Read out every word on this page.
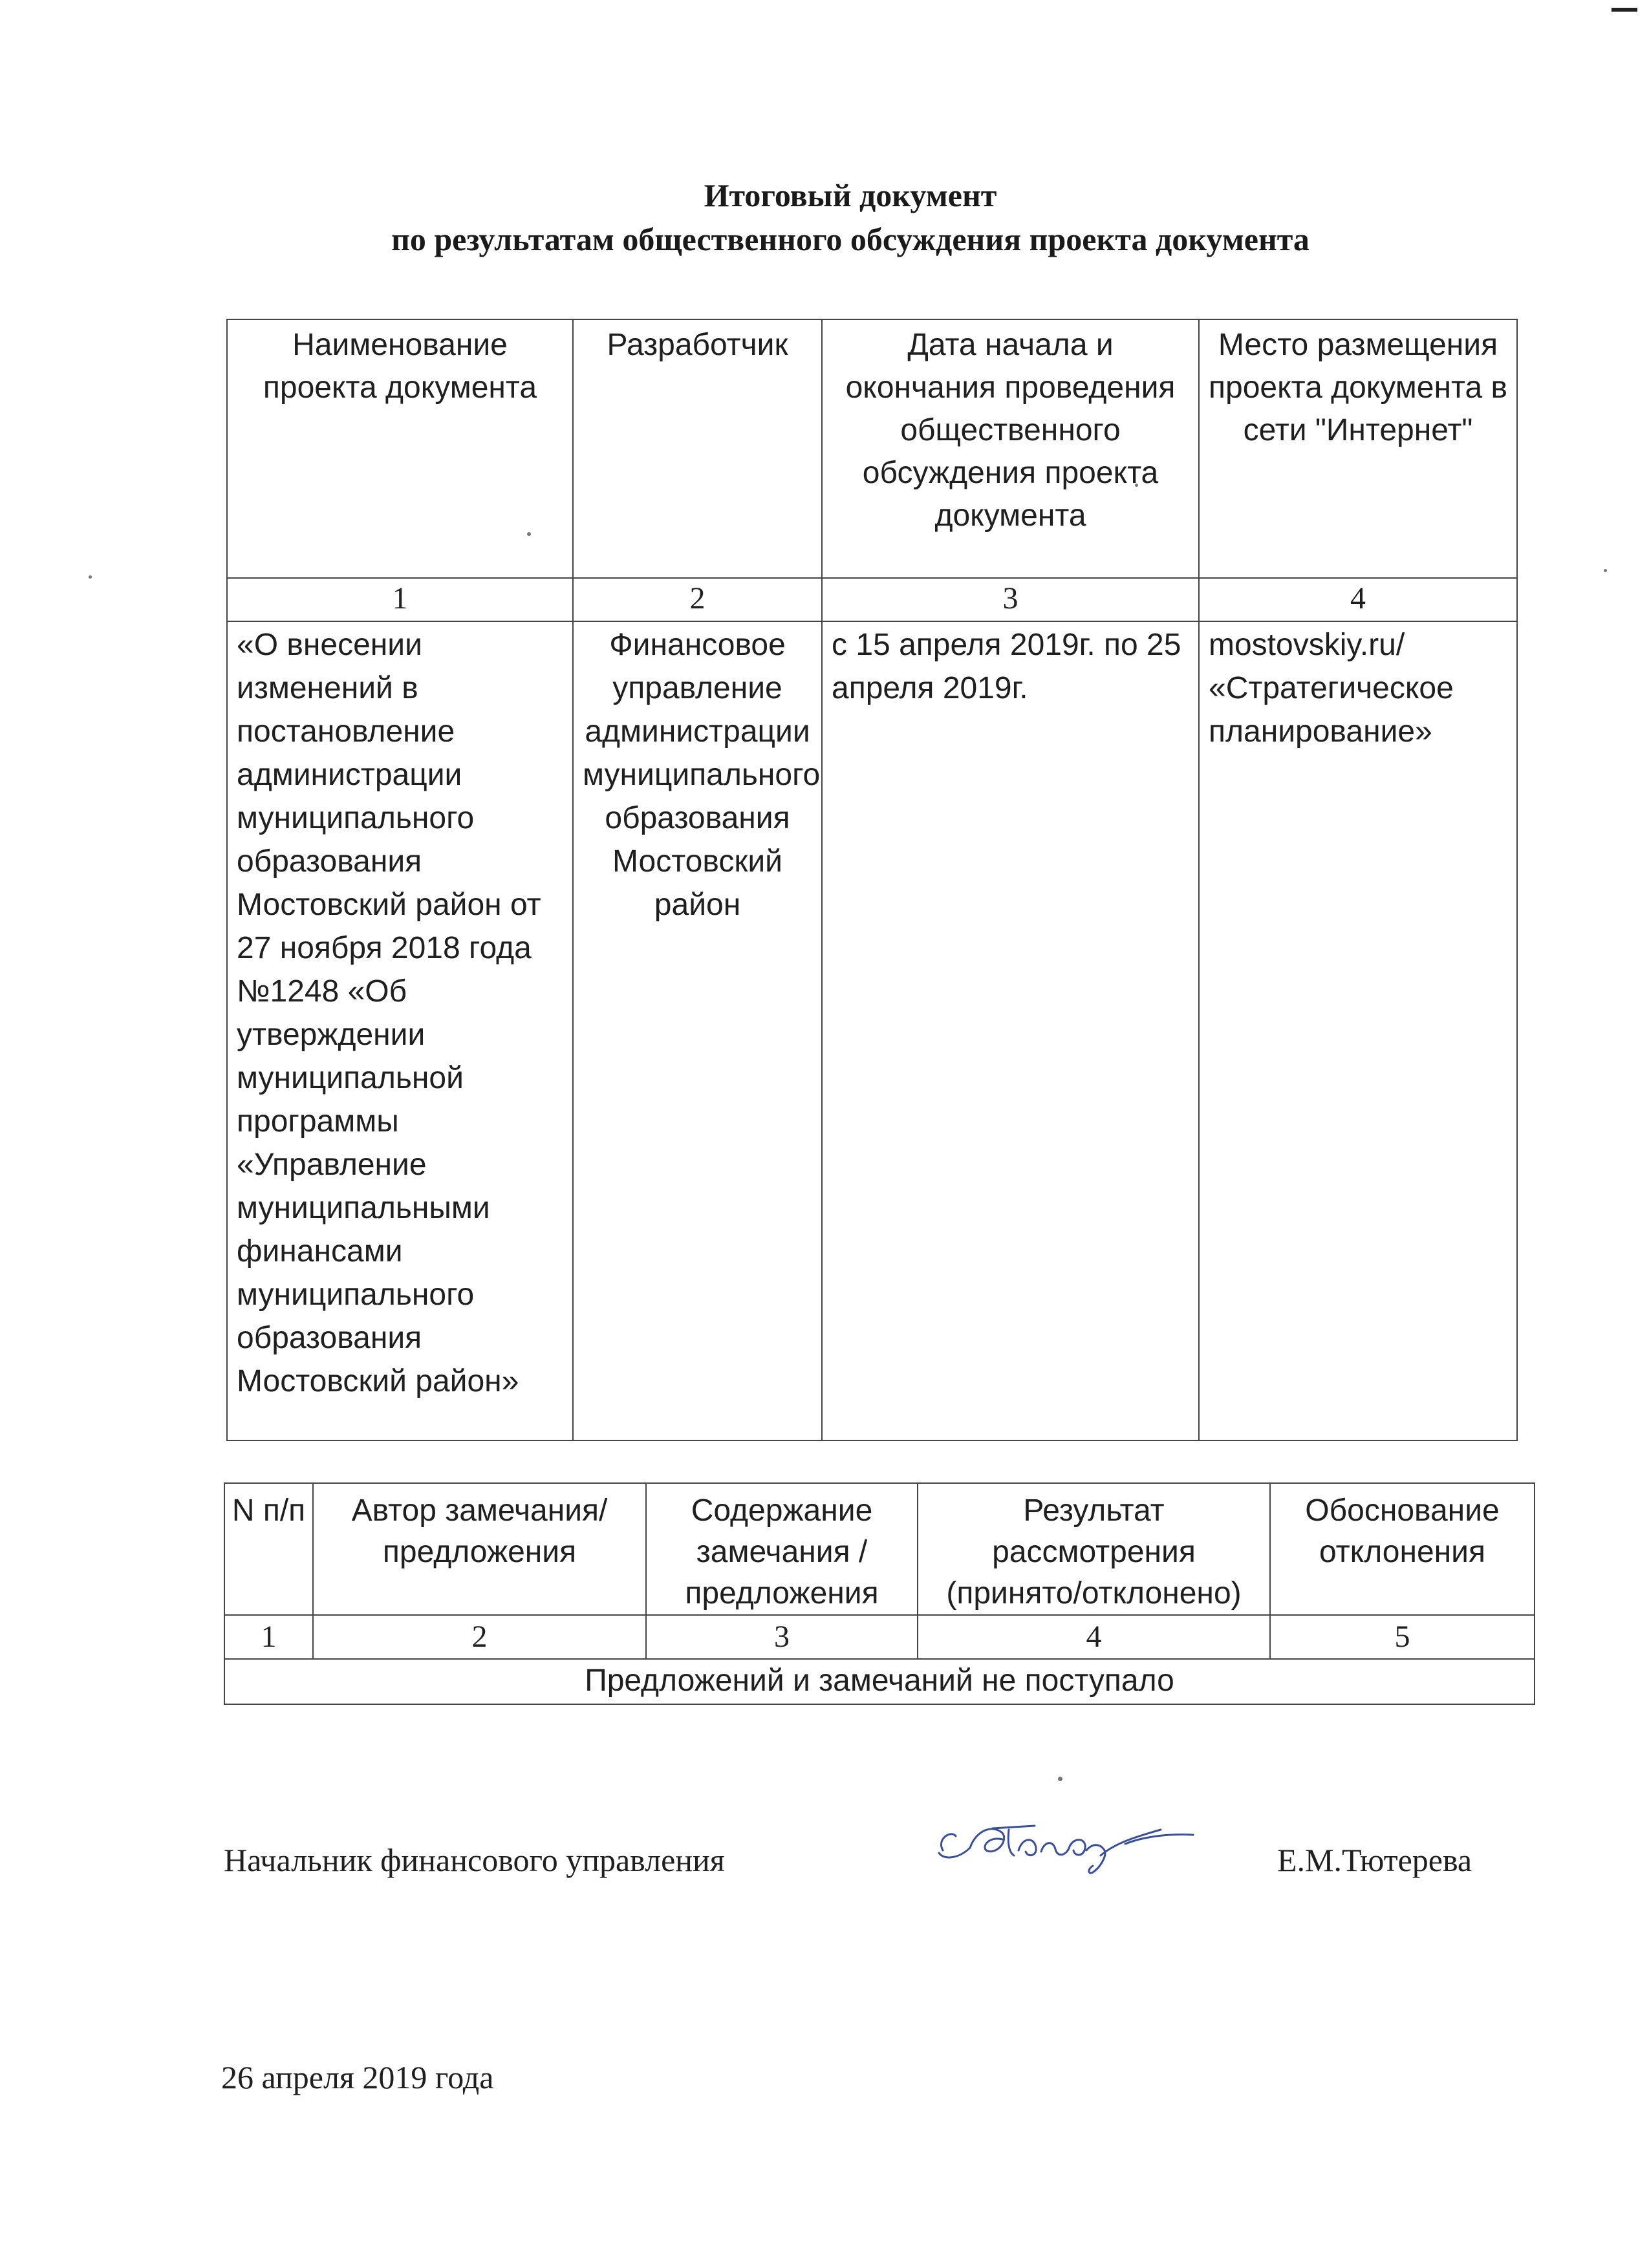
Итоговый документ
по результатам общественного обсуждения проекта документа
Наименование проекта документа	Разработчик	Дата начала и окончания проведения общественного обсуждения проекта документа	Место размещения проекта документа в сети "Интернет"

1	2	3	4

«О внесении изменений в постановление администрации муниципального образования Мостовский район от 27 ноября 2018 года №1248 «Об утверждении муниципальной программы «Управление муниципальными финансами муниципального образования Мостовский район»	Финансовое управление администрации муниципального образования Мостовский район	с 15 апреля 2019г. по 25 апреля 2019г.	mostovskiy.ru/ «Стратегическое планирование»
N п/п	Автор замечания/ предложения	Содержание замечания / предложения	Результат рассмотрения (принято/отклонено)	Обоснование отклонения

1	2	3	4	5
Предложений и замечаний не поступало				
Начальник финансового управления	Е.М.Тютерева
26 апреля 2019 года
